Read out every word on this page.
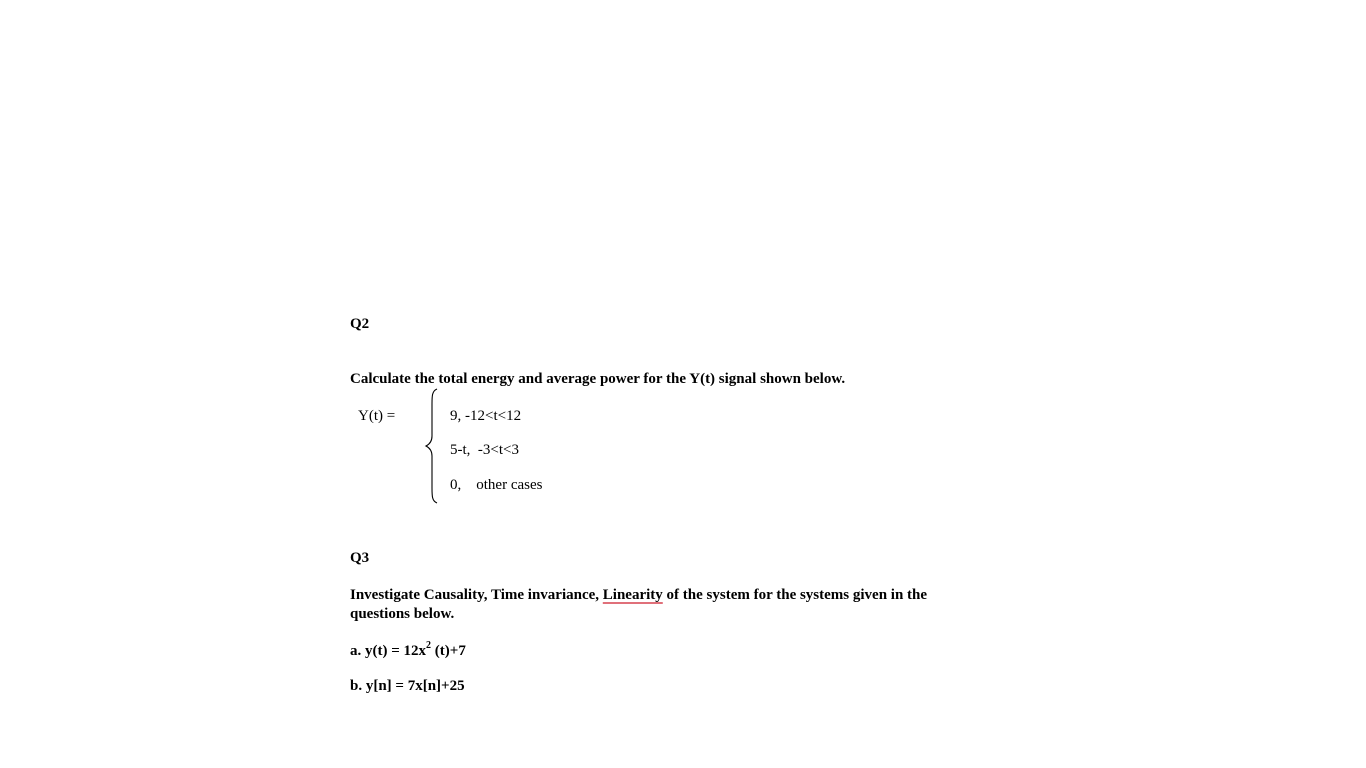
Q2
Calculate the total energy and average power for the Y(t) signal shown below.
Y(t) =	9, -12<t<12
5-t, -3<t<3
0, other cases
Q3
Investigate Causality, Time invariance, Linearity of the system for the systems given in the questions below.
a. $y(t) = 12x^2$ (t)+7
b. y[n] = 7x[n]+25
